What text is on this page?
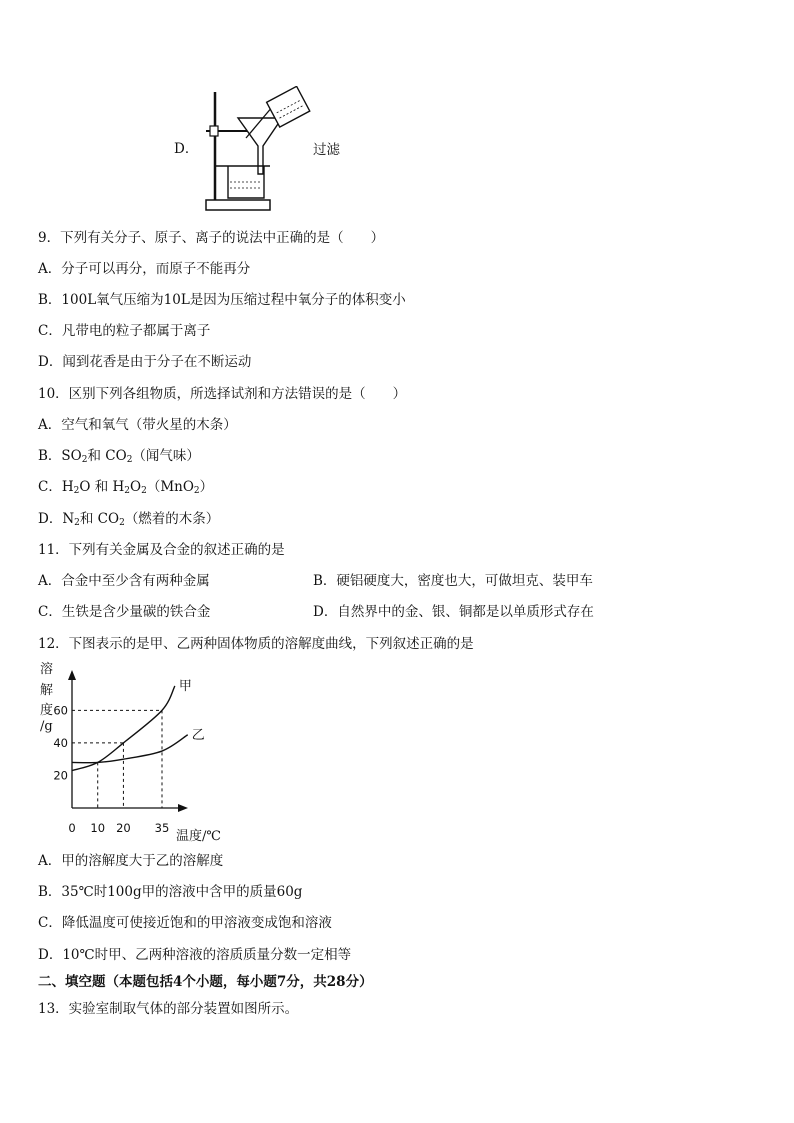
D．	过滤
9．下列有关分子、原子、离子的说法中正确的是（　　）
A．分子可以再分，而原子不能再分
B．100L氧气压缩为10L是因为压缩过程中氧分子的体积变小
C．凡带电的粒子都属于离子
D．闻到花香是由于分子在不断运动
10．区别下列各组物质，所选择试剂和方法错误的是（　　）
A．空气和氧气（带火星的木条）
B．$SO_2$和 $CO_2$（闻气味）
C．$H_2O$ 和 $H_2O_2(MnO_2)$
D．$N_2$和 $CO_2$（燃着的木条）
11．下列有关金属及合金的叙述正确的是
A．合金中至少含有两种金属	B．硬铝硬度大，密度也大，可做坦克、装甲车
C．生铁是含少量碳的铁合金	D．自然界中的金、银、铜都是以单质形式存在
12．下图表示的是甲、乙两种固体物质的溶解度曲线，下列叙述正确的是
溶
解
度
/g
温度/℃
0 10 20 35
20
40
60
甲
乙
A．甲的溶解度大于乙的溶解度
B．35℃时100g甲的溶液中含甲的质量60g
C．降低温度可使接近饱和的甲溶液变成饱和溶液
D．10℃时甲、乙两种溶液的溶质质量分数一定相等
二、填空题（本题包括4个小题，每小题7分，共28分）
13．实验室制取气体的部分装置如图所示。
